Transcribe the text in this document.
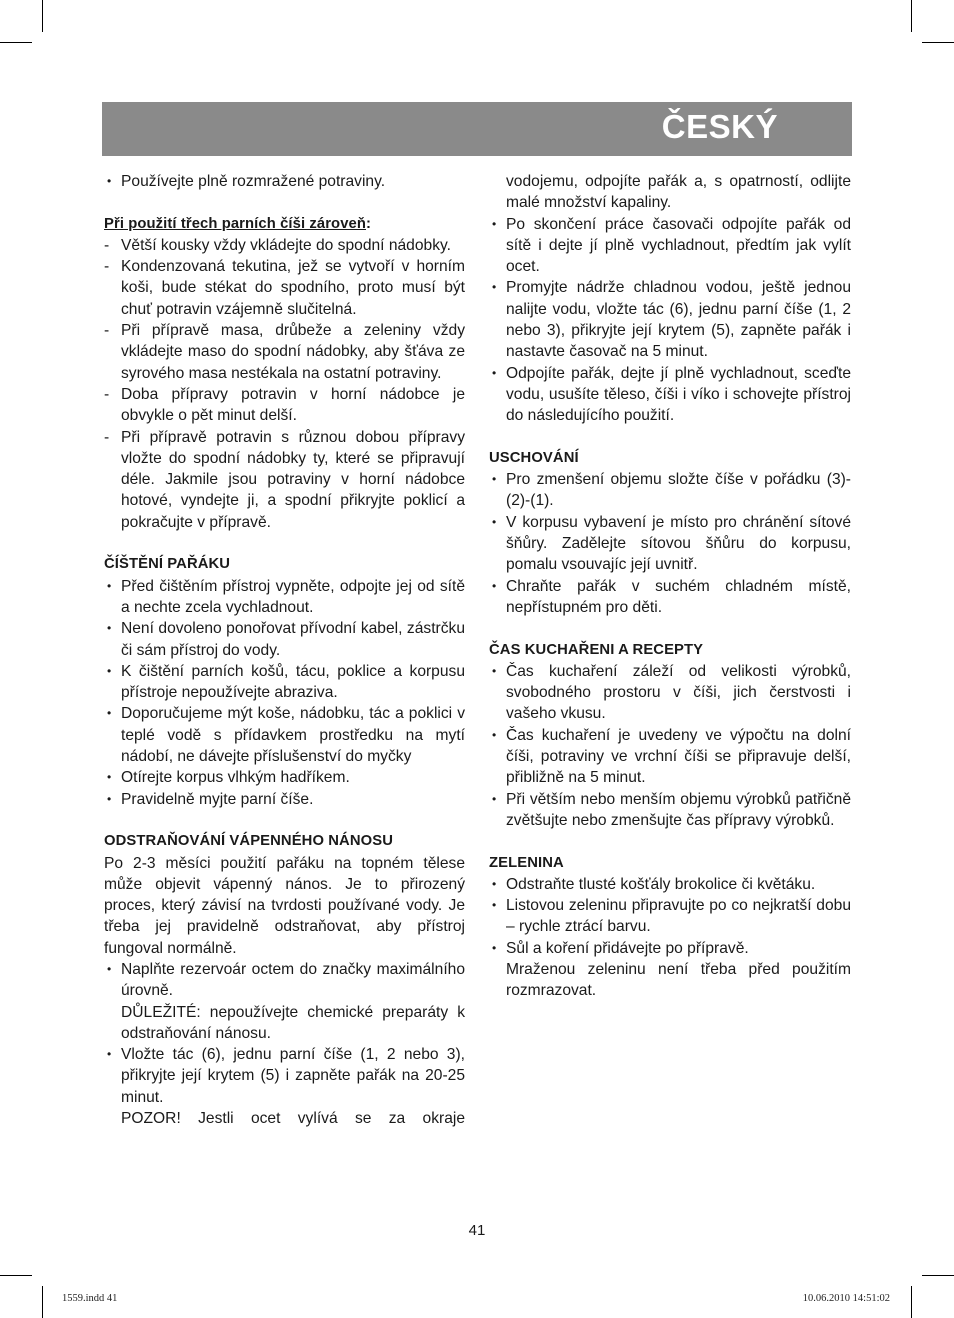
ČESKÝ
• Používejte plně rozmražené potraviny.
Při použití třech parních číši zároveň:
- Větší kousky vždy vkládejte do spodní nádobky.
- Kondenzovaná tekutina, jež se vytvoří v horním koši, bude stékat do spodního, proto musí být chuť potravin vzájemně slučitelná.
- Při přípravě masa, drůbeže a zeleniny vždy vkládejte maso do spodní nádobky, aby šťáva ze syrového masa nestékala na ostatní potraviny.
- Doba přípravy potravin v horní nádobce je obvykle o pět minut delší.
- Při přípravě potravin s různou dobou přípravy vložte do spodní nádobky ty, které se připravují déle. Jakmile jsou potraviny v horní nádobce hotové, vyndejte ji, a spodní přikryjte poklicí a pokračujte v přípravě.
ČÍŠTĚNÍ PAŘÁKU
• Před čištěním přístroj vypněte, odpojte jej od sítě a nechte zcela vychladnout.
• Není dovoleno ponořovat přívodní kabel, zástrčku či sám přístroj do vody.
• K čištění parních košů, tácu, poklice a korpusu přístroje nepoužívejte abraziva.
• Doporučujeme mýt koše, nádobku, tác a poklici v teplé vodě s přídavkem prostředku na mytí nádobí, ne dávejte příslušenství do myčky
• Otírejte korpus vlhkým hadříkem.
• Pravidelně myjte parní číše.
ODSTRAŇOVÁNÍ VÁPENNÉHO NÁNOSU
Po 2-3 měsíci použití pařáku na topném tělese může objevit vápenný nános. Je to přirozený proces, který závisí na tvrdosti používané vody. Je třeba jej pravidelně odstraňovat, aby přístroj fungoval normálně.
• Naplňte rezervoár octem do značky maximálního úrovně.
DŮLEŽITÉ: nepoužívejte chemické preparáty k odstraňování nánosu.
• Vložte tác (6), jednu parní číše (1, 2 nebo 3), přikryjte její krytem (5) i zapněte pařák na 20-25 minut.
POZOR! Jestli ocet vylívá se za okraje
vodojemu, odpojíte pařák a, s opatrností, odlijte malé množství kapaliny.
• Po skončení práce časovači odpojíte pařák od sítě i dejte jí plně vychladnout, předtím jak vylít ocet.
• Promyjte nádrže chladnou vodou, ještě jednou nalijte vodu, vložte tác (6), jednu parní číše (1, 2 nebo 3), přikryjte její krytem (5), zapněte pařák i nastavte časovač na 5 minut.
• Odpojíte pařák, dejte jí plně vychladnout, sceďte vodu, usušíte těleso, číši i víko i schovejte přístroj do následujícího použití.
USCHOVÁNÍ
• Pro zmenšení objemu složte číše v pořádku (3)-(2)-(1).
• V korpusu vybavení je místo pro chránění sítové šňůry. Zadělejte sítovou šňůru do korpusu, pomalu vsouvajíc její uvnitř.
• Chraňte pařák v suchém chladném místě, nepřístupném pro děti.
ČAS KUCHAŘENI A RECEPTY
• Čas kuchaření záleží od velikosti výrobků, svobodného prostoru v číši, jich čerstvosti i vašeho vkusu.
• Čas kuchaření je uvedeny ve výpočtu na dolní číši, potraviny ve vrchní číši se připravuje delší, přibližně na 5 minut.
• Při větším nebo menším objemu výrobků patřičně zvětšujte nebo zmenšujte čas přípravy výrobků.
ZELENINA
• Odstraňte tlusté košťály brokolice či květáku.
• Listovou zeleninu připravujte po co nejkratší dobu – rychle ztrácí barvu.
• Sůl a koření přidávejte po přípravě.
Mraženou zeleninu není třeba před použitím rozmrazovat.
41
1559.indd 41	10.06.2010 14:51:02
